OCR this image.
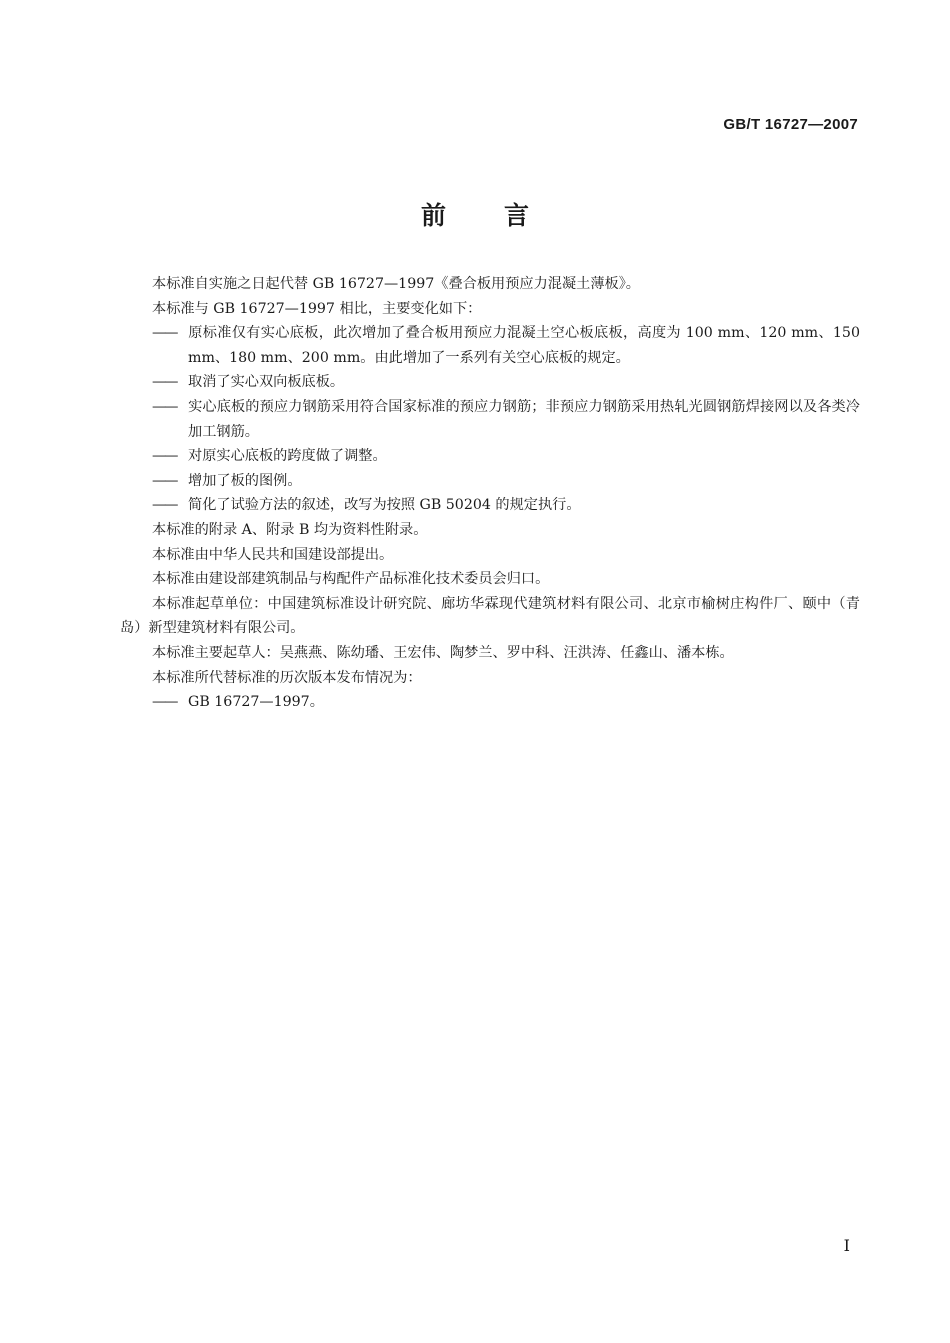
GB/T 16727—2007
前言

本标准自实施之日起代替 GB 16727—1997《叠合板用预应力混凝土薄板》。

本标准与 GB 16727—1997 相比，主要变化如下：

—— 原标准仅有实心底板，此次增加了叠合板用预应力混凝土空心板底板，高度为 100 mm、120 mm、150 mm、180 mm、200 mm。由此增加了一系列有关空心底板的规定。

—— 取消了实心双向板底板。

—— 实心底板的预应力钢筋采用符合国家标准的预应力钢筋；非预应力钢筋采用热轧光圆钢筋焊接网以及各类冷加工钢筋。

—— 对原实心底板的跨度做了调整。

—— 增加了板的图例。

—— 简化了试验方法的叙述，改写为按照 GB 50204 的规定执行。

本标准的附录 A、附录 B 均为资料性附录。

本标准由中华人民共和国建设部提出。

本标准由建设部建筑制品与构配件产品标准化技术委员会归口。

本标准起草单位：中国建筑标准设计研究院、廊坊华霖现代建筑材料有限公司、北京市榆树庄构件厂、颐中（青岛）新型建筑材料有限公司。

本标准主要起草人：吴燕燕、陈幼璠、王宏伟、陶梦兰、罗中科、汪洪涛、任鑫山、潘本栋。

本标准所代替标准的历次版本发布情况为：

—— GB 16727—1997。

I
